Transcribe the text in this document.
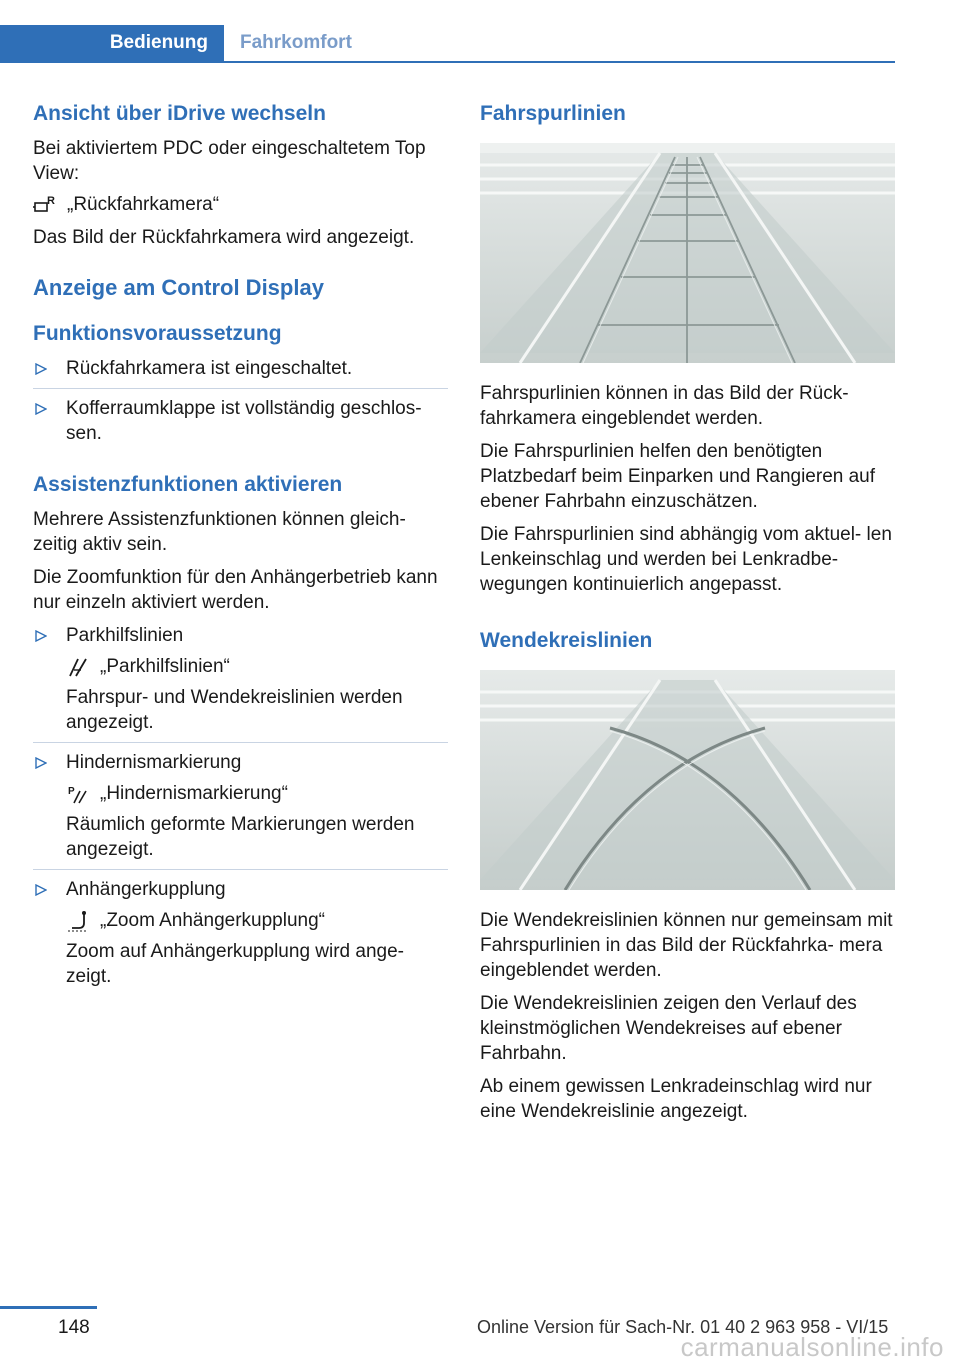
Bedienung	Fahrkomfort
Ansicht über iDrive wechseln

Bei aktiviertem PDC oder eingeschaltetem Top View:

R „Rückfahrkamera“

Das Bild der Rückfahrkamera wird angezeigt.

Anzeige am Control Display
Funktionsvoraussetzung
Rückfahrkamera ist eingeschaltet.
Kofferraumklappe ist vollständig geschlos‐ sen.
Assistenzfunktionen aktivieren

Mehrere Assistenzfunktionen können gleich‐ zeitig aktiv sein.

Die Zoomfunktion für den Anhängerbetrieb kann nur einzeln aktiviert werden.

Parkhilfslinien
„Parkhilfslinien“

Fahrspur- und Wendekreislinien werden angezeigt.

Hindernismarkierung
P „Hindernismarkierung“

Räumlich geformte Markierungen werden angezeigt.

Anhängerkupplung
„Zoom Anhängerkupplung“

Zoom auf Anhängerkupplung wird ange‐ zeigt.

Fahrspurlinien

Fahrspurlinien können in das Bild der Rück‐ fahrkamera eingeblendet werden.

Die Fahrspurlinien helfen den benötigten Platzbedarf beim Einparken und Rangieren auf ebener Fahrbahn einzuschätzen.

Die Fahrspurlinien sind abhängig vom aktuel‐ len Lenkeinschlag und werden bei Lenkradbe‐ wegungen kontinuierlich angepasst.

Wendekreislinien

Die Wendekreislinien können nur gemeinsam mit Fahrspurlinien in das Bild der Rückfahrka‐ mera eingeblendet werden.

Die Wendekreislinien zeigen den Verlauf des kleinstmöglichen Wendekreises auf ebener Fahrbahn.

Ab einem gewissen Lenkradeinschlag wird nur eine Wendekreislinie angezeigt.

148	Online Version für Sach-Nr. 01 40 2 963 958 - VI/15
carmanualsonline.info
